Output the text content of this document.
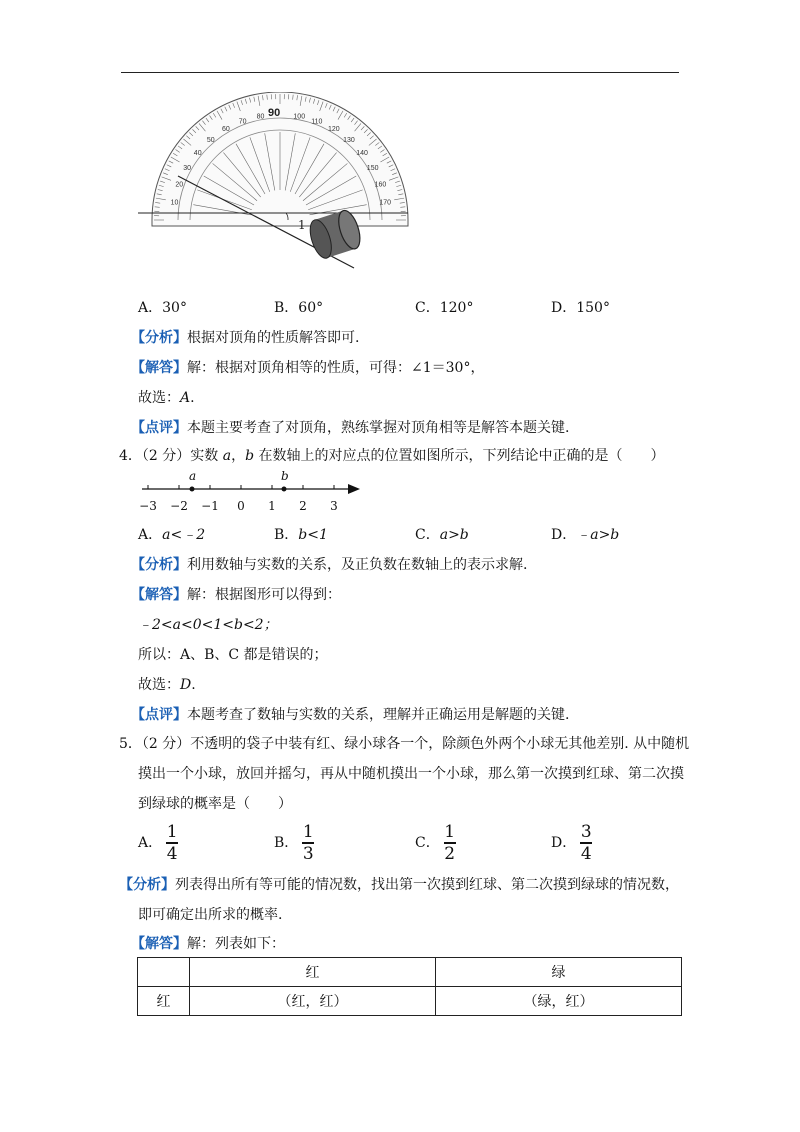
10
20
30
40
50
60
70
80	100
110
120
130
140
150
160
170
90
1
A．30°	B．60°	C．120°	D．150°
【分析】根据对顶角的性质解答即可.
【解答】解：根据对顶角相等的性质，可得：∠1＝30°，
故选：A.
【点评】本题主要考查了对顶角，熟练掌握对顶角相等是解答本题关键.
4．（2 分）实数 a，b 在数轴上的对应点的位置如图所示，下列结论中正确的是（　　）
a	b
−3 −2 −1 0 1 2 3
A．a<﹣2	B．b<1	C．a>b	D．﹣a>b
【分析】利用数轴与实数的关系，及正负数在数轴上的表示求解.
【解答】解：根据图形可以得到：
﹣2<a<0<1<b<2；
所以：A、B、C 都是错误的；
故选：D.
【点评】本题考查了数轴与实数的关系，理解并正确运用是解题的关键.
5．（2 分）不透明的袋子中装有红、绿小球各一个，除颜色外两个小球无其他差别. 从中随机
摸出一个小球，放回并摇匀，再从中随机摸出一个小球，那么第一次摸到红球、第二次摸
到绿球的概率是（　　）
A． $\frac{1}{4}$	B． $\frac{1}{3}$	C． $\frac{1}{2}$	D． $\frac{3}{4}$
【分析】列表得出所有等可能的情况数，找出第一次摸到红球、第二次摸到绿球的情况数，
即可确定出所求的概率.
【解答】解：列表如下：
	红	绿
红	（红，红）	（绿，红）
